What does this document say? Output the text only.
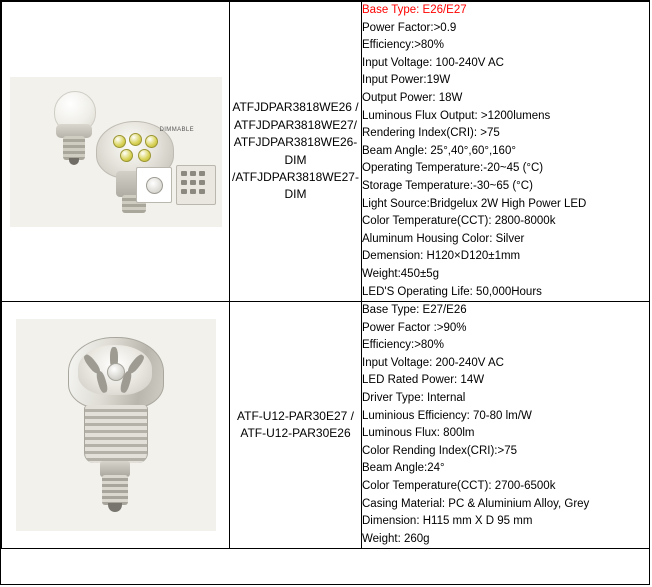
DIMMABLE
	ATFJDPAR3818WE26 / ATFJDPAR3818WE27/ ATFJDPAR3818WE26-DIM /ATFJDPAR3818WE27-DIM	
Base Type: E26/E27
Power Factor:>0.9
Efficiency:>80%
Input Voltage: 100-240V AC
Input Power:19W
Output Power: 18W
Luminous Flux Output: >1200lumens
Rendering Index(CRI): >75
Beam Angle: 25°,40°,60°,160°
Operating Temperature:-20~45 (°C)
Storage Temperature:-30~65 (°C)
Light Source:Bridgelux 2W High Power LED
Color Temperature(CCT): 2800-8000k
Aluminum Housing Color: Silver
Demension: H120×D120±1mm
Weight:450±5g
LED'S Operating Life: 50,000Hours

	ATF-U12-PAR30E27 / ATF-U12-PAR30E26	
Base Type: E27/E26
Power Factor :>90%
Efficiency:>80%
Input Voltage: 200-240V AC
LED Rated Power: 14W
Driver Type: Internal
Luminious Efficiency: 70-80 lm/W
Luminous Flux: 800lm
Color Rending Index(CRI):>75
Beam Angle:24°
Color Temperature(CCT): 2700-6500k
Casing Material: PC & Aluminium Alloy, Grey
Dimension: H115 mm X D 95 mm
Weight: 260g
